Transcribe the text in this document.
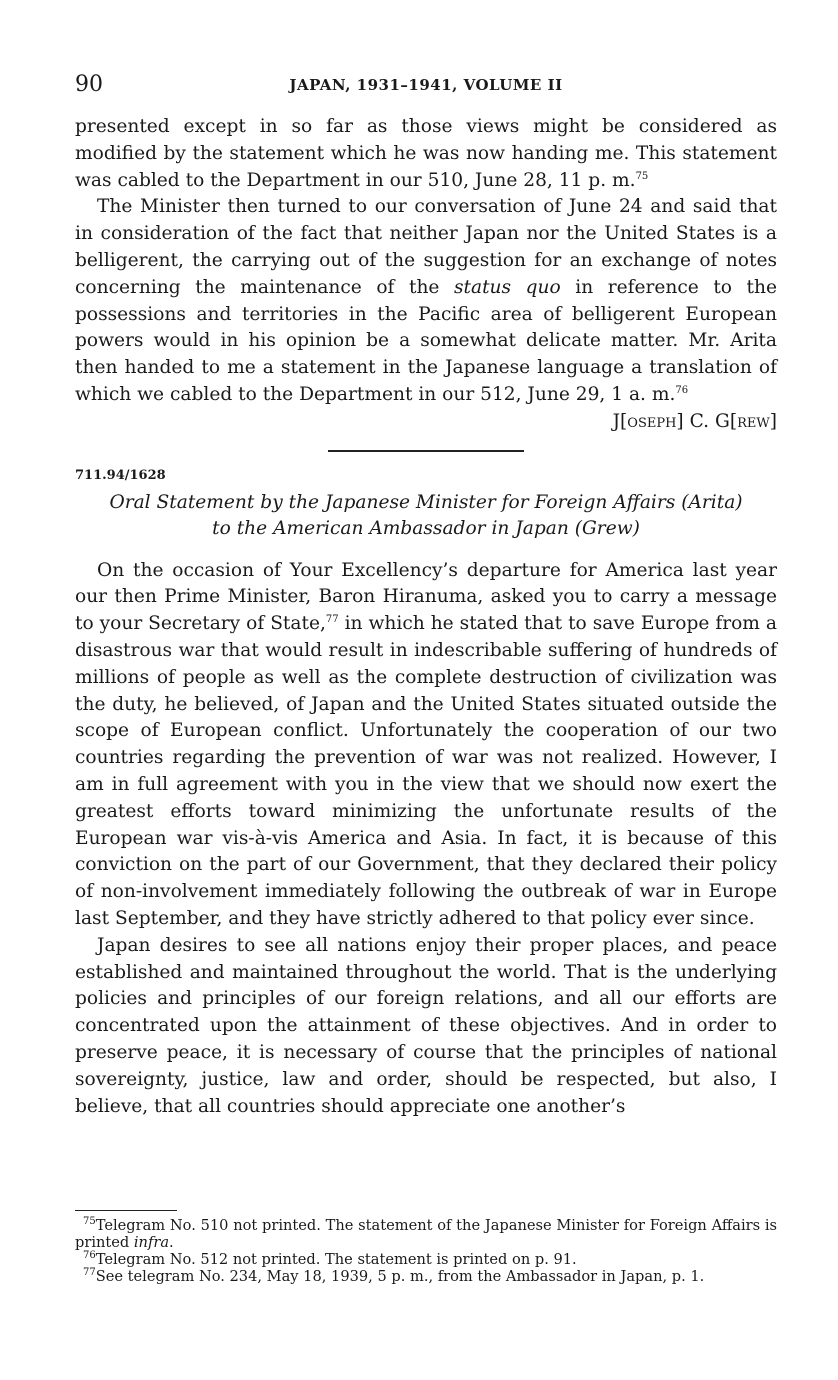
90	JAPAN, 1931–1941, VOLUME II

presented except in so far as those views might be considered as modified by the statement which he was now handing me. This statement was cabled to the Department in our 510, June 28, 11 p. m.$^{75}$

The Minister then turned to our conversation of June 24 and said that in consideration of the fact that neither Japan nor the United States is a belligerent, the carrying out of the suggestion for an exchange of notes concerning the maintenance of the status quo in reference to the possessions and territories in the Pacific area of belligerent European powers would in his opinion be a somewhat delicate matter. Mr. Arita then handed to me a statement in the Japanese language a translation of which we cabled to the Department in our 512, June 29, 1 a. m.$^{76}$

J[oseph] C. G[rew]

711.94/1628
Oral Statement by the Japanese Minister for Foreign Affairs (Arita)
to the American Ambassador in Japan (Grew)

On the occasion of Your Excellency’s departure for America last year our then Prime Minister, Baron Hiranuma, asked you to carry a message to your Secretary of State,$^{77}$ in which he stated that to save Europe from a disastrous war that would result in indescribable suffering of hundreds of millions of people as well as the complete destruction of civilization was the duty, he believed, of Japan and the United States situated outside the scope of European conflict. Unfortunately the cooperation of our two countries regarding the prevention of war was not realized. However, I am in full agreement with you in the view that we should now exert the greatest efforts toward minimizing the unfortunate results of the European war vis-à-vis America and Asia. In fact, it is because of this conviction on the part of our Government, that they declared their policy of non-involvement immediately following the outbreak of war in Europe last September, and they have strictly adhered to that policy ever since.

Japan desires to see all nations enjoy their proper places, and peace established and maintained throughout the world. That is the underlying policies and principles of our foreign relations, and all our efforts are concentrated upon the attainment of these objectives. And in order to preserve peace, it is necessary of course that the principles of national sovereignty, justice, law and order, should be respected, but also, I believe, that all countries should appreciate one another’s

$^{75}$Telegram No. 510 not printed. The statement of the Japanese Minister for Foreign Affairs is printed infra.

$^{76}$Telegram No. 512 not printed. The statement is printed on p. 91.

$^{77}$See telegram No. 234, May 18, 1939, 5 p. m., from the Ambassador in Japan, p. 1.
